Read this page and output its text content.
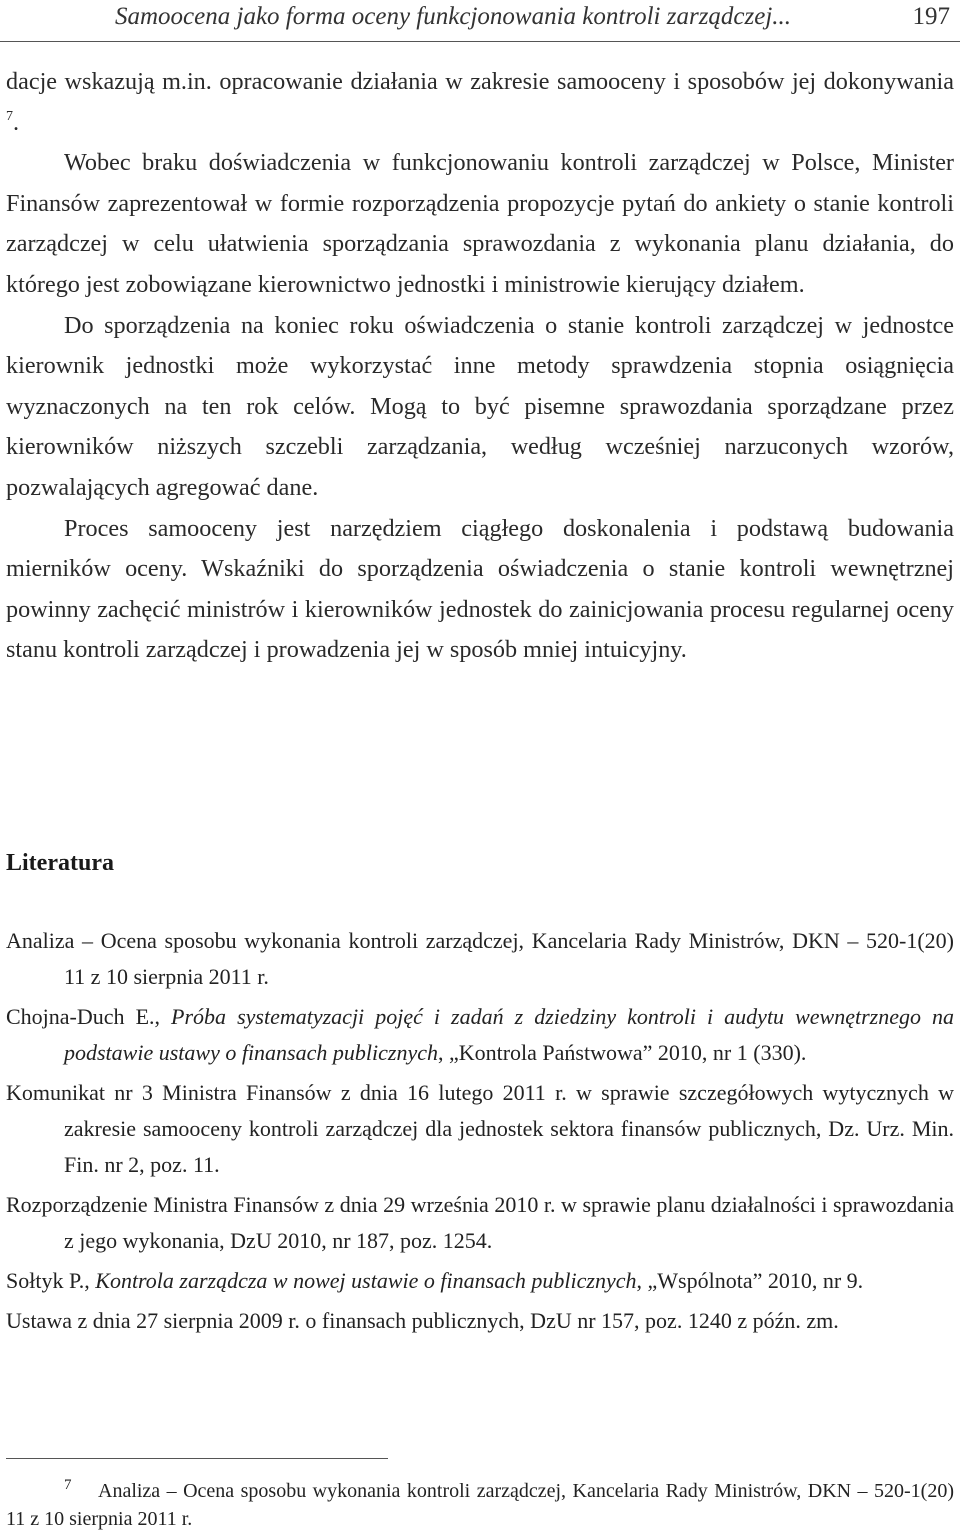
Samoocena jako forma oceny funkcjonowania kontroli zarządczej...	197

dacje wskazują m.in. opracowanie działania w zakresie samooceny i sposobów jej dokonywania $^7$.

Wobec braku doświadczenia w funkcjonowaniu kontroli zarządczej w Polsce, Minister Finansów zaprezentował w formie rozporządzenia propozycje pytań do ankiety o stanie kontroli zarządczej w celu ułatwienia sporządzania sprawozdania z wykonania planu działania, do którego jest zobowiązane kierownictwo jednostki i ministrowie kierujący działem.

Do sporządzenia na koniec roku oświadczenia o stanie kontroli zarządczej w jednostce kierownik jednostki może wykorzystać inne metody sprawdzenia stopnia osiągnięcia wyznaczonych na ten rok celów. Mogą to być pisemne sprawozdania sporządzane przez kierowników niższych szczebli zarządzania, według wcześniej narzuconych wzorów, pozwalających agregować dane.

Proces samooceny jest narzędziem ciągłego doskonalenia i podstawą budowania mierników oceny. Wskaźniki do sporządzenia oświadczenia o stanie kontroli wewnętrznej powinny zachęcić ministrów i kierowników jednostek do zainicjowania procesu regularnej oceny stanu kontroli zarządczej i prowadzenia jej w sposób mniej intuicyjny.

Literatura

Analiza – Ocena sposobu wykonania kontroli zarządczej, Kancelaria Rady Ministrów, DKN – 520-1(20) 11 z 10 sierpnia 2011 r.

Chojna-Duch E., Próba systematyzacji pojęć i zadań z dziedziny kontroli i audytu wewnętrznego na podstawie ustawy o finansach publicznych, „Kontrola Państwowa” 2010, nr 1 (330).

Komunikat nr 3 Ministra Finansów z dnia 16 lutego 2011 r. w sprawie szczegółowych wytycznych w zakresie samooceny kontroli zarządczej dla jednostek sektora finansów publicznych, Dz. Urz. Min. Fin. nr 2, poz. 11.

Rozporządzenie Ministra Finansów z dnia 29 września 2010 r. w sprawie planu działalności i sprawozdania z jego wykonania, DzU 2010, nr 187, poz. 1254.

Sołtyk P., Kontrola zarządcza w nowej ustawie o finansach publicznych, „Wspólnota” 2010, nr 9.

Ustawa z dnia 27 sierpnia 2009 r. o finansach publicznych, DzU nr 157, poz. 1240 z późn. zm.

$^7$ Analiza – Ocena sposobu wykonania kontroli zarządczej, Kancelaria Rady Ministrów, DKN – 520-1(20) 11 z 10 sierpnia 2011 r.
